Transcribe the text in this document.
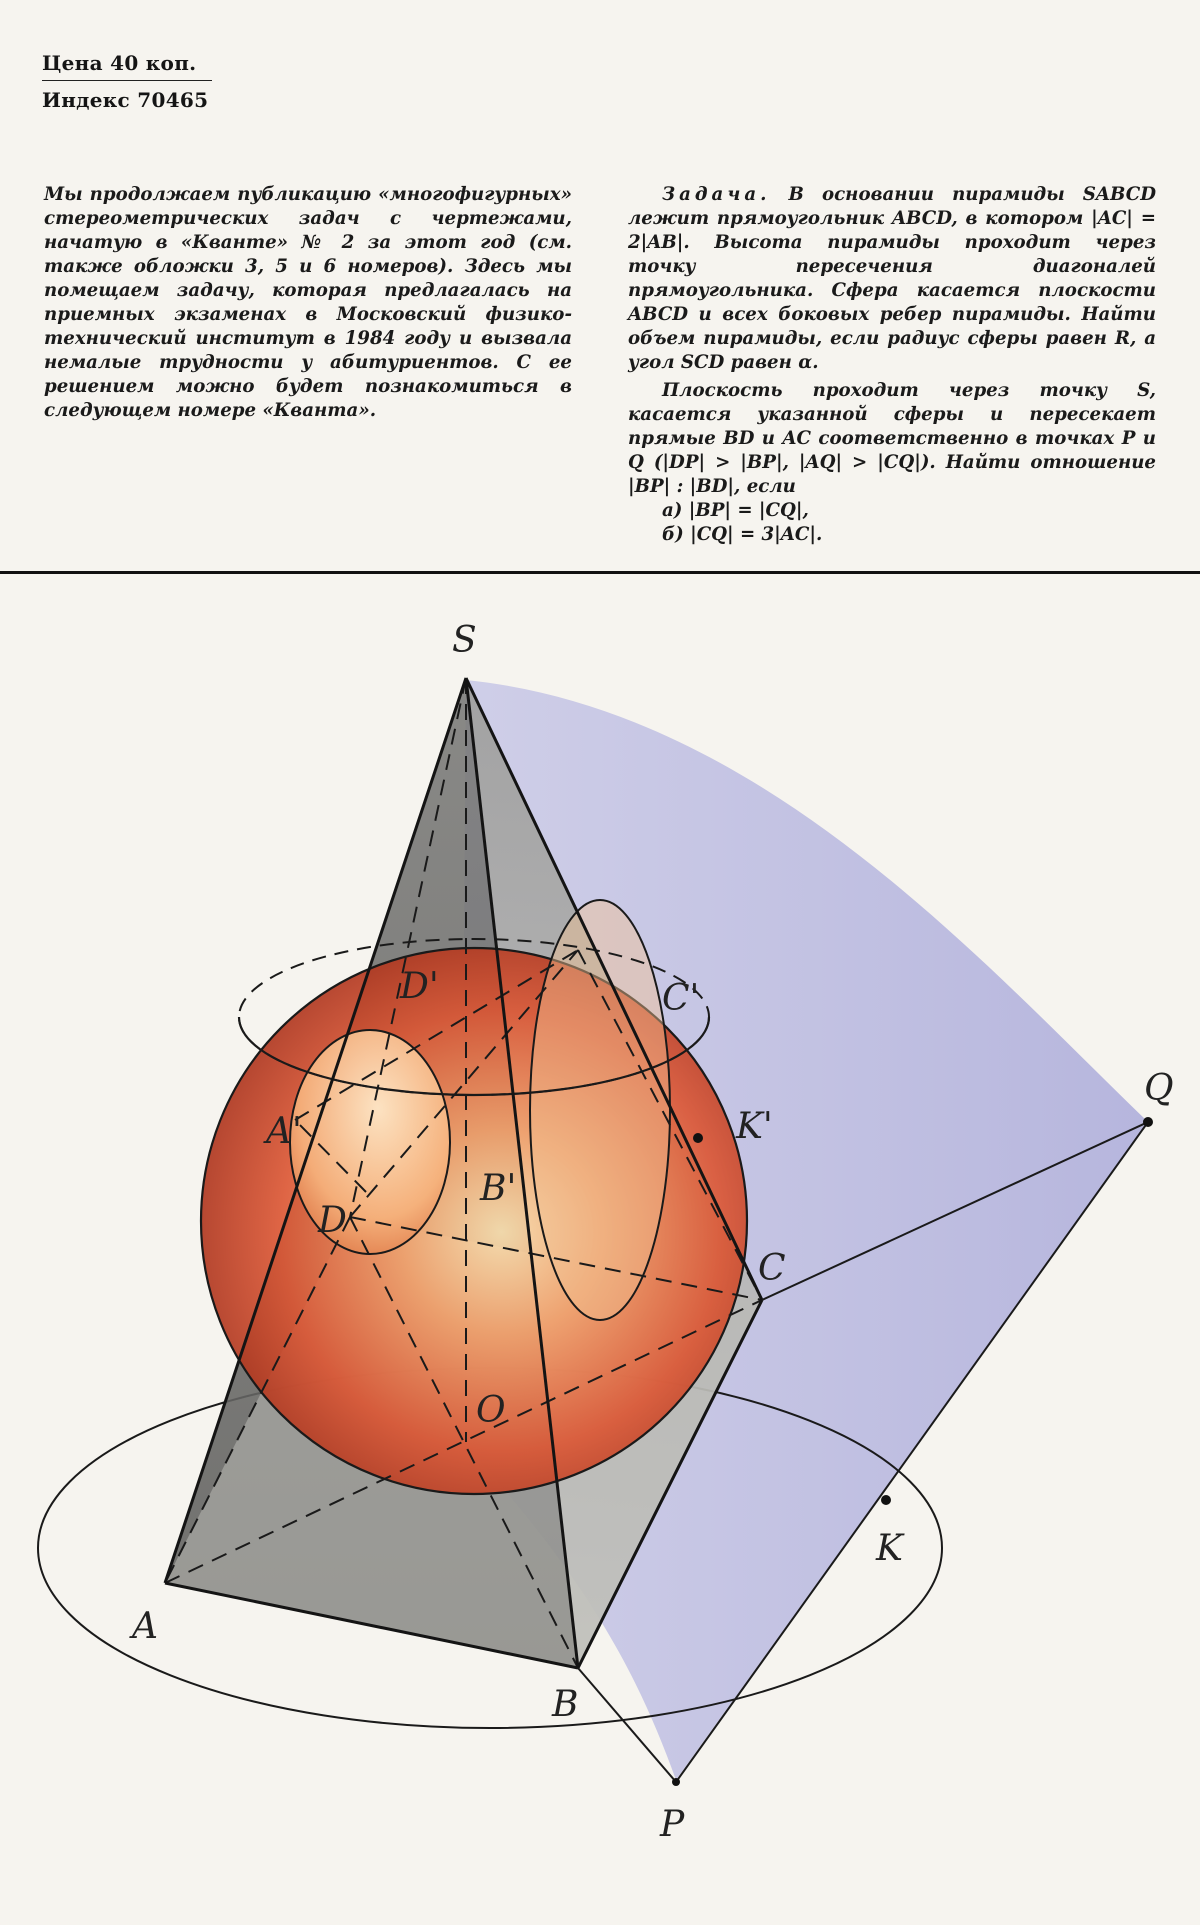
Цена 40 коп.
Индекс 70465

Мы продолжаем публикацию «многофигурных» стереометрических задач с чертежами, начатую в «Кванте» № 2 за этот год (см. также обложки 3, 5 и 6 номеров). Здесь мы помещаем задачу, которая предлагалась на приемных экзаменах в Московский физико-технический институт в 1984 году и вызвала немалые трудности у абитуриентов. С ее решением можно будет познакомиться в следующем номере «Кванта».

Задача. В основании пирамиды SABCD лежит прямоугольник ABCD, в котором |AC| = 2|AB|. Высота пирамиды проходит через точку пересечения диагоналей прямоугольника. Сфера касается плоскости ABCD и всех боковых ребер пирамиды. Найти объем пирамиды, если радиус сферы равен R, а угол SCD равен α.

Плоскость проходит через точку S, касается указанной сферы и пересекает прямые BD и AC соответственно в точках P и Q (|DP| > |BP|, |AQ| > |CQ|). Найти отношение |BP| : |BD|, если

а) |BP| = |CQ|,

б) |CQ| = 3|AC|.

S
C'
D'
A'
B'
K'
D
C
O
A
B
K
P
Q
